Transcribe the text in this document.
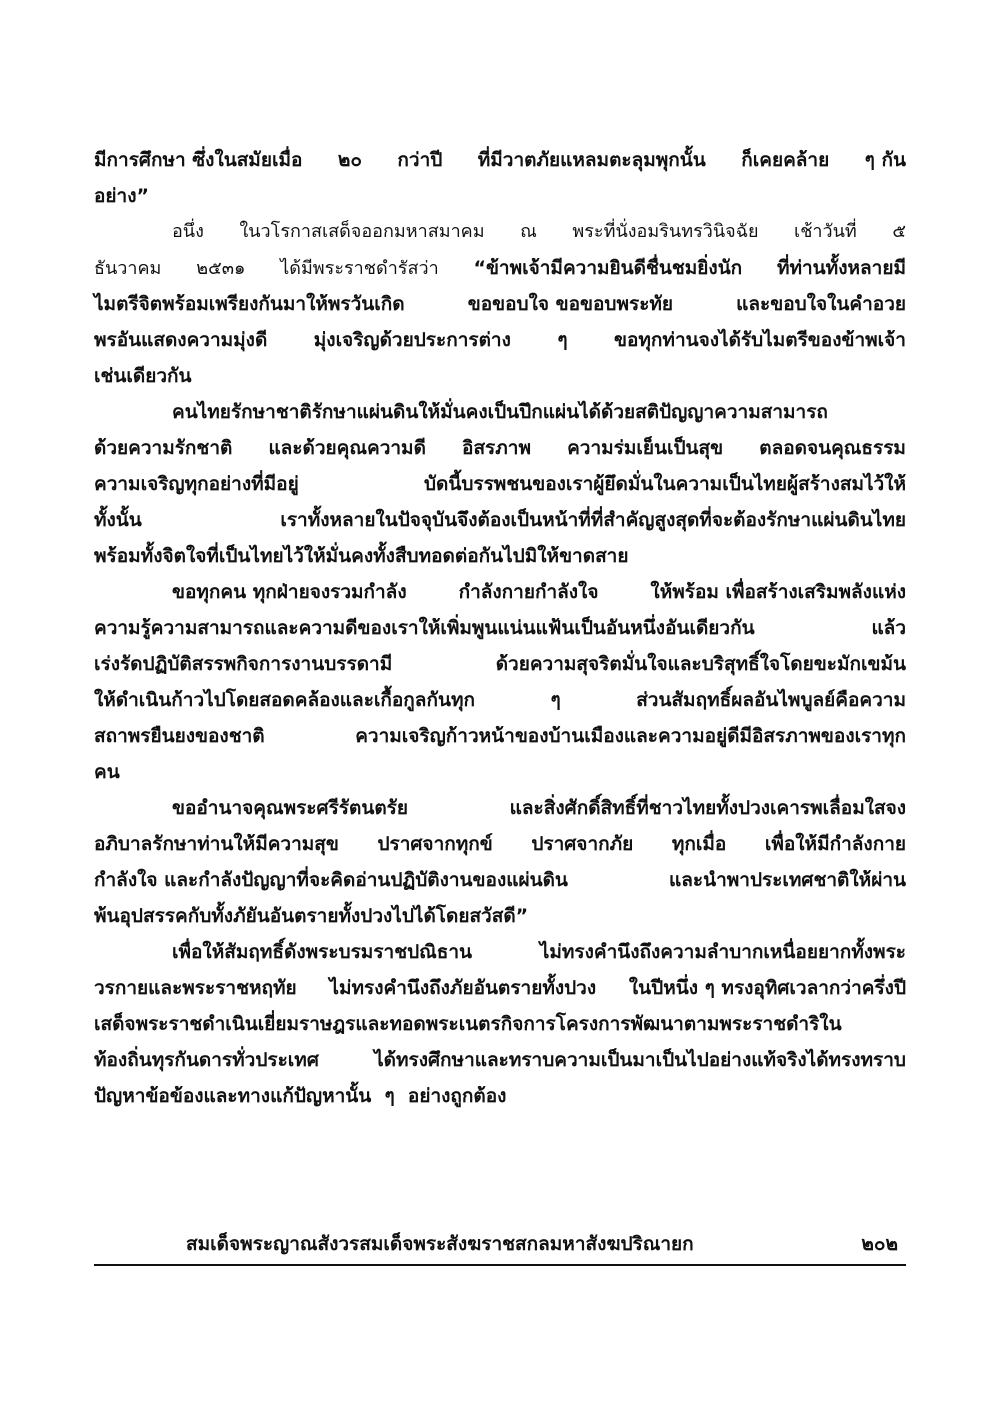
มีการศึกษา ซึ่งในสมัยเมื่อ ๒๐ กว่าปี ที่มีวาตภัยแหลมตะลุมพุกนั้น ก็เคยคล้าย ๆ กัน
อย่าง”
อนึ่ง ในวโรกาสเสด็จออกมหาสมาคม ณ พระที่นั่งอมรินทรวินิจฉัย เช้าวันที่ ๕
ธันวาคม ๒๕๓๑ ได้มีพระราชดำรัสว่า “ข้าพเจ้ามีความยินดีชื่นชมยิ่งนัก ที่ท่านทั้งหลายมี
ไมตรีจิตพร้อมเพรียงกันมาให้พรวันเกิด	ขอขอบใจ ขอขอบพระทัย	และขอบใจในคำอวย
พรอันแสดงความมุ่งดี มุ่งเจริญด้วยประการต่าง ๆ ขอทุกท่านจงได้รับไมตรีของข้าพเจ้า
เช่นเดียวกัน
คนไทยรักษาชาติรักษาแผ่นดินให้มั่นคงเป็นปึกแผ่นได้ด้วยสติปัญญาความสามารถ
ด้วยความรักชาติ และด้วยคุณความดี อิสรภาพ ความร่มเย็นเป็นสุข ตลอดจนคุณธรรม
ความเจริญทุกอย่างที่มีอยู่	บัดนี้บรรพชนของเราผู้ยึดมั่นในความเป็นไทยผู้สร้างสมไว้ให้
ทั้งนั้น	เราทั้งหลายในปัจจุบันจึงต้องเป็นหน้าที่ที่สำคัญสูงสุดที่จะต้องรักษาแผ่นดินไทย
พร้อมทั้งจิตใจที่เป็นไทยไว้ให้มั่นคงทั้งสืบทอดต่อกันไปมิให้ขาดสาย
ขอทุกคน ทุกฝ่ายจงรวมกำลัง	กำลังกายกำลังใจ	ให้พร้อม เพื่อสร้างเสริมพลังแห่ง
ความรู้ความสามารถและความดีของเราให้เพิ่มพูนแน่นแฟ้นเป็นอันหนึ่งอันเดียวกัน	แล้ว
เร่งรัดปฏิบัติสรรพกิจการงานบรรดามี	ด้วยความสุจริตมั่นใจและบริสุทธิ์ใจโดยขะมักเขม้น
ให้ดำเนินก้าวไปโดยสอดคล้องและเกื้อกูลกันทุก	ๆ	ส่วนสัมฤทธิ์ผลอันไพบูลย์คือความ
สถาพรยืนยงของชาติ	ความเจริญก้าวหน้าของบ้านเมืองและความอยู่ดีมีอิสรภาพของเราทุก
คน
ขออำนาจคุณพระศรีรัตนตรัย	และสิ่งศักดิ์สิทธิ์ที่ชาวไทยทั้งปวงเคารพเลื่อมใสจง
อภิบาลรักษาท่านให้มีความสุข ปราศจากทุกข์ ปราศจากภัย ทุกเมื่อ เพื่อให้มีกำลังกาย
กำลังใจ และกำลังปัญญาที่จะคิดอ่านปฏิบัติงานของแผ่นดิน	และนำพาประเทศชาติให้ผ่าน
พ้นอุปสรรคกับทั้งภัยันอันตรายทั้งปวงไปได้โดยสวัสดี”
เพื่อให้สัมฤทธิ์ดังพระบรมราชปณิธาน	ไม่ทรงคำนึงถึงความลำบากเหนื่อยยากทั้งพระ
วรกายและพระราชหฤทัย ไม่ทรงคำนึงถึงภัยอันตรายทั้งปวง ในปีหนึ่ง ๆ ทรงอุทิศเวลากว่าครึ่งปี
เสด็จพระราชดำเนินเยี่ยมราษฎรและทอดพระเนตรกิจการโครงการพัฒนาตามพระราชดำริใน
ท้องถิ่นทุรกันดารทั่วประเทศ	ได้ทรงศึกษาและทราบความเป็นมาเป็นไปอย่างแท้จริงได้ทรงทราบ
ปัญหาข้อข้องและทางแก้ปัญหานั้น  ๆ  อย่างถูกต้อง
สมเด็จพระญาณสังวรสมเด็จพระสังฆราชสกลมหาสังฆปริณายก	๒๐๒
